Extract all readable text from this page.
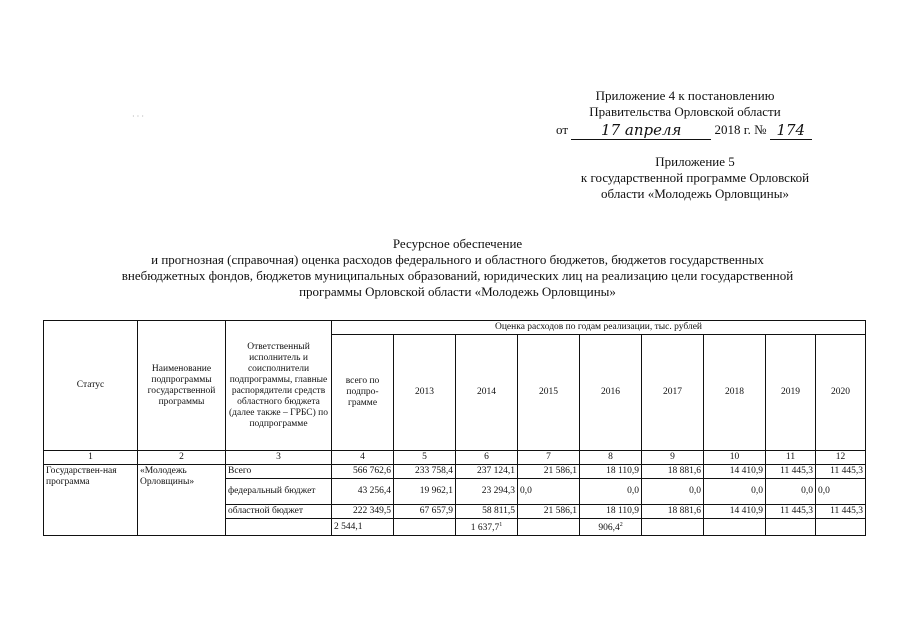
· · ·
Приложение 4 к постановлению
Правительства Орловской области
от 17 апреля	2018 г. № 174
Приложение 5
к государственной программе Орловской
области «Молодежь Орловщины»
Ресурсное обеспечение
и прогнозная (справочная) оценка расходов федерального и областного бюджетов, бюджетов государственных
внебюджетных фондов, бюджетов муниципальных образований, юридических лиц на реализацию цели государственной
программы Орловской области «Молодежь Орловщины»
Статус	Наименование подпрограммы государственной программы	Ответственный исполнитель и соисполнители подпрограммы, главные распорядители средств областного бюджета (далее также – ГРБС) по подпрограмме	Оценка расходов по годам реализации, тыс. рублей								
			всего по подпро-грамме	2013	2014	2015	2016	2017	2018	2019	2020
1	2	3	4	5	6	7	8	9	10	11	12
Государствен-ная программа	«Молодежь Орловщины»	Всего	566 762,6	233 758,4	237 124,1	21 586,1	18 110,9	18 881,6	14 410,9	11 445,3	11 445,3
		федеральный бюджет	43 256,4	19 962,1	23 294,3	0,0	0,0	0,0	0,0	0,0	0,0
		областной бюджет	222 349,5	67 657,9	58 811,5	21 586,1	18 110,9	18 881,6	14 410,9	11 445,3	11 445,3
			2 544,1		1 637,7$^1$		906,4$^2$				
